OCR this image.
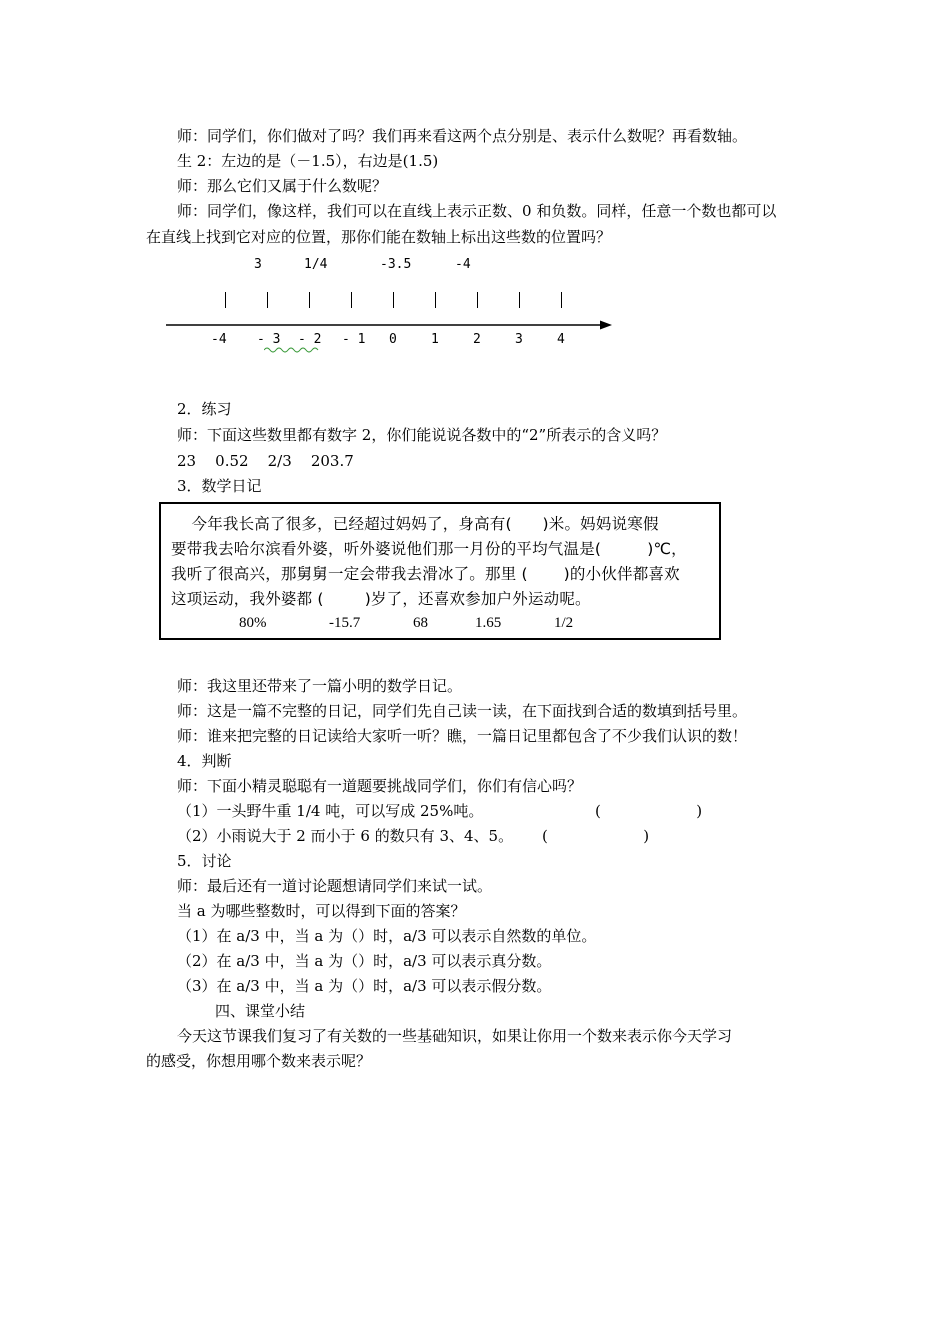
师：同学们，你们做对了吗？我们再来看这两个点分别是、表示什么数呢？再看数轴。
生 2：左边的是（－1.5），右边是(1.5)
师：那么它们又属于什么数呢？
师：同学们，像这样，我们可以在直线上表示正数、0 和负数。同样，任意一个数也都可以
在直线上找到它对应的位置，那你们能在数轴上标出这些数的位置吗？
3	1/4	-3.5	-4
-4 - 3 - 2 - 1 0	1	2	3	4
2．练习
师：下面这些数里都有数字 2，你们能说说各数中的“2”所表示的含义吗？
23    0.52    2/3    203.7
3．数学日记
今年我长高了很多，已经超过妈妈了，身高有(      )米。妈妈说寒假
要带我去哈尔滨看外婆，听外婆说他们那一月份的平均气温是(         )℃，
我听了很高兴，那舅舅一定会带我去滑冰了。那里 (       )的小伙伴都喜欢
这项运动，我外婆都 (        )岁了，还喜欢参加户外运动呢。
80%	-15.7	68	1.65	1/2
师：我这里还带来了一篇小明的数学日记。
师：这是一篇不完整的日记，同学们先自己读一读，在下面找到合适的数填到括号里。
师：谁来把完整的日记读给大家听一听？瞧，一篇日记里都包含了不少我们认识的数！
4．判断
师：下面小精灵聪聪有一道题要挑战同学们，你们有信心吗？
（1）一头野牛重 1/4 吨，可以写成 25%吨。	(                    )
（2）小雨说大于 2 而小于 6 的数只有 3、4、5。 (                    )
5．讨论
师：最后还有一道讨论题想请同学们来试一试。
当 a 为哪些整数时，可以得到下面的答案？
（1）在 a/3 中，当 a 为（）时，a/3 可以表示自然数的单位。
（2）在 a/3 中，当 a 为（）时，a/3 可以表示真分数。
（3）在 a/3 中，当 a 为（）时，a/3 可以表示假分数。
四、课堂小结
今天这节课我们复习了有关数的一些基础知识，如果让你用一个数来表示你今天学习
的感受，你想用哪个数来表示呢？
